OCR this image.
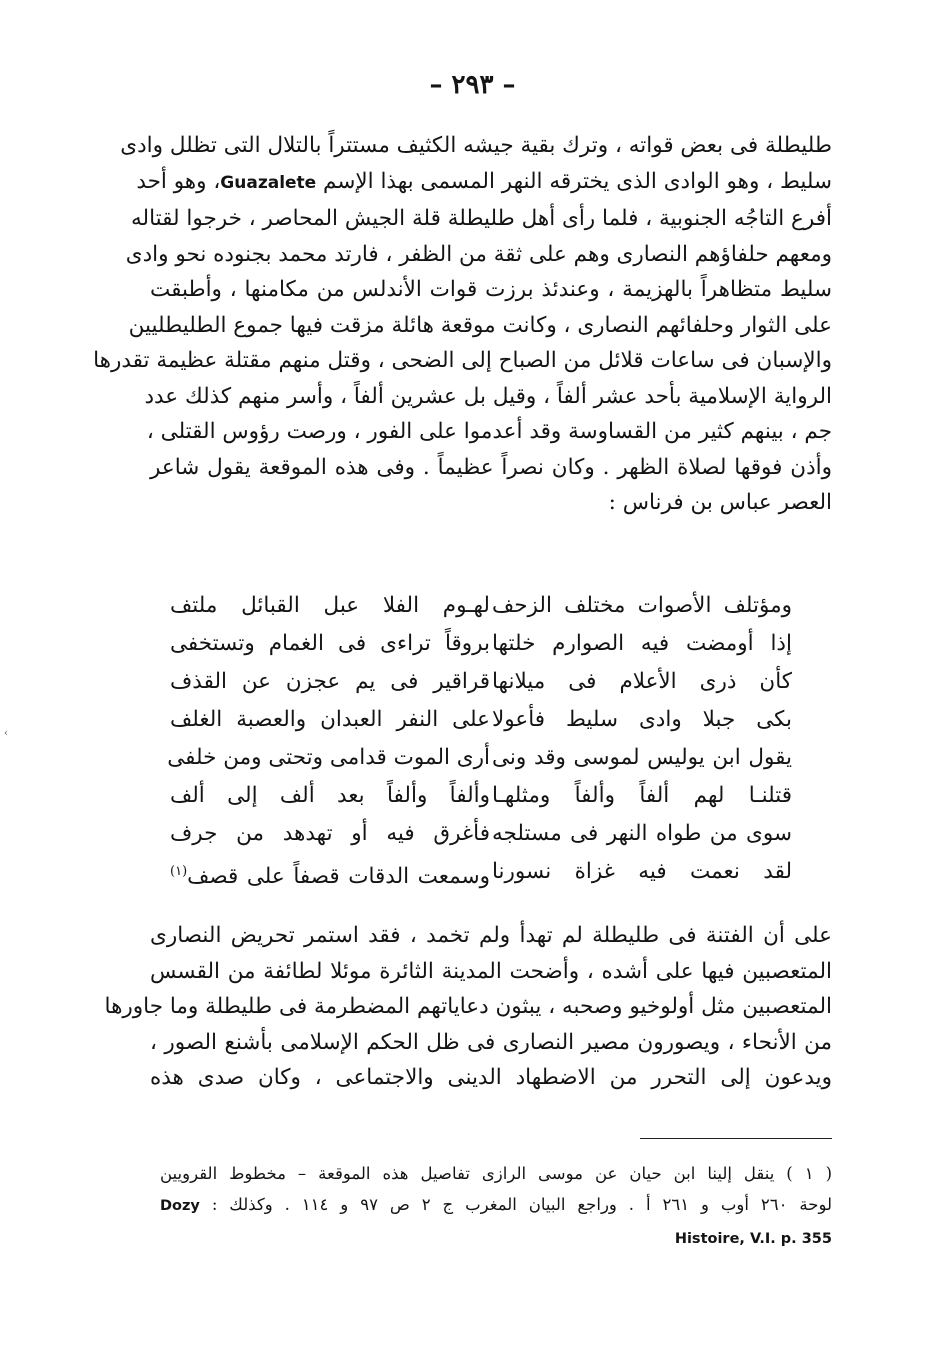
– ٢٩٣ –
طليطلة فى بعض قواته ، وترك بقية جيشه الكثيف مستتراً بالتلال التى تظلل وادى
سليط ، وهو الوادى الذى يخترقه النهر المسمى بهذا الإسم Guazalete، وهو أحد
أفرع التاجُه الجنوبية ، فلما رأى أهل طليطلة قلة الجيش المحاصر ، خرجوا لقتاله
ومعهم حلفاؤهم النصارى وهم على ثقة من الظفر ، فارتد محمد بجنوده نحو وادى
سليط متظاهراً بالهزيمة ، وعندئذ برزت قوات الأندلس من مكامنها ، وأطبقت
على الثوار وحلفائهم النصارى ، وكانت موقعة هائلة مزقت فيها جموع الطليطليين
والإسبان فى ساعات قلائل من الصباح إلى الضحى ، وقتل منهم مقتلة عظيمة تقدرها
الرواية الإسلامية بأحد عشر ألفاً ، وقيل بل عشرين ألفاً ، وأسر منهم كذلك عدد
جم ، بينهم كثير من القساوسة وقد أعدموا على الفور ، ورصت رؤوس القتلى ،
وأذن فوقها لصلاة الظهر . وكان نصراً عظيماً . وفى هذه الموقعة يقول شاعر
العصر عباس بن فرناس :
ومؤتلف الأصوات مختلف الزحف
لهـوم الفلا عبل القبائل ملتف
إذا أومضت فيه الصوارم خلتها
بروقاً تراءى فى الغمام وتستخفى
كأن ذرى الأعلام فى ميلانها
قراقير فى يم عجزن عن القذف
بكى جبلا وادى سليط فأعولا
على النفر العبدان والعصبة الغلف
يقول ابن يوليس لموسى وقد ونى
أرى الموت قدامى وتحتى ومن خلفى
قتلنـا لهم ألفاً وألفاً ومثلهـا
وألفاً وألفاً بعد ألف إلى ألف
سوى من طواه النهر فى مستلجه
فأغرق فيه أو تهدهد من جرف
لقد نعمت فيه غزاة نسورنا
وسمعت الدقات قصفاً على قصف$^{(١)}$
على أن الفتنة فى طليطلة لم تهدأ ولم تخمد ، فقد استمر تحريض النصارى
المتعصبين فيها على أشده ، وأضحت المدينة الثائرة موئلا لطائفة من القسس
المتعصبين مثل أولوخيو وصحبه ، يبثون دعاياتهم المضطرمة فى طليطلة وما جاورها
من الأنحاء ، ويصورون مصير النصارى فى ظل الحكم الإسلامى بأشنع الصور ،
ويدعون إلى التحرر من الاضطهاد الدينى والاجتماعى ، وكان صدى هذه
( ١ ) ينقل إلينا ابن حيان عن موسى الرازى تفاصيل هذه الموقعة – مخطوط القرويين
لوحة ٢٦٠ أوب و ٢٦١ أ . وراجع البيان المغرب ج ٢ ص ٩٧ و ١١٤ . وكذلك : Dozy
Histoire, V.I. p. 355
‹
